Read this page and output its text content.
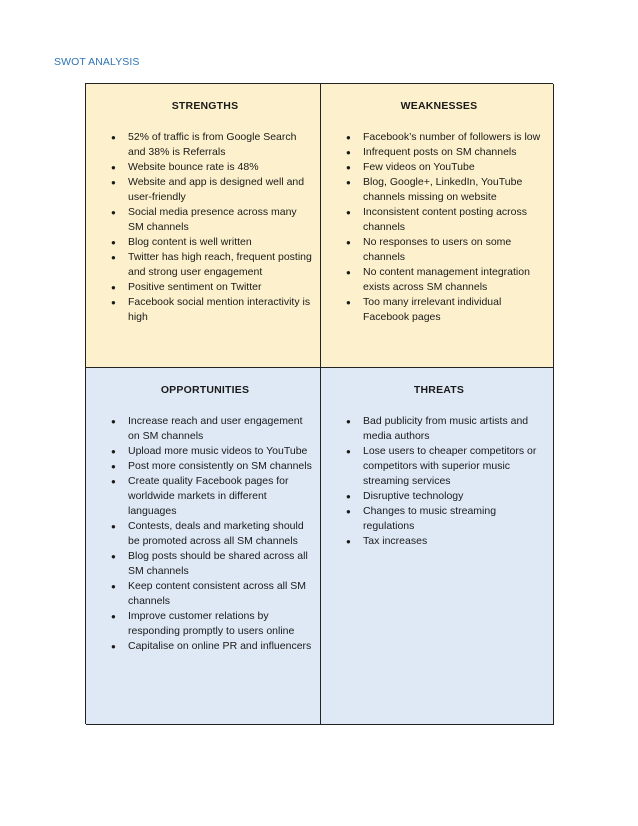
SWOT ANALYSIS
STRENGTHS
● 52% of traffic is from Google Search and 38% is Referrals
● Website bounce rate is 48%
● Website and app is designed well and user-friendly
● Social media presence across many SM channels
● Blog content is well written
● Twitter has high reach, frequent posting and strong user engagement
● Positive sentiment on Twitter
● Facebook social mention interactivity is high
WEAKNESSES
● Facebook’s number of followers is low
● Infrequent posts on SM channels
● Few videos on YouTube
● Blog, Google+, LinkedIn, YouTube channels missing on website
● Inconsistent content posting across channels
● No responses to users on some channels
● No content management integration exists across SM channels
● Too many irrelevant individual Facebook pages
OPPORTUNITIES
● Increase reach and user engagement on SM channels
● Upload more music videos to YouTube
● Post more consistently on SM channels
● Create quality Facebook pages for worldwide markets in different languages
● Contests, deals and marketing should be promoted across all SM channels
● Blog posts should be shared across all SM channels
● Keep content consistent across all SM channels
● Improve customer relations by responding promptly to users online
● Capitalise on online PR and influencers
THREATS
● Bad publicity from music artists and media authors
● Lose users to cheaper competitors or competitors with superior music streaming services
● Disruptive technology
● Changes to music streaming regulations
● Tax increases
